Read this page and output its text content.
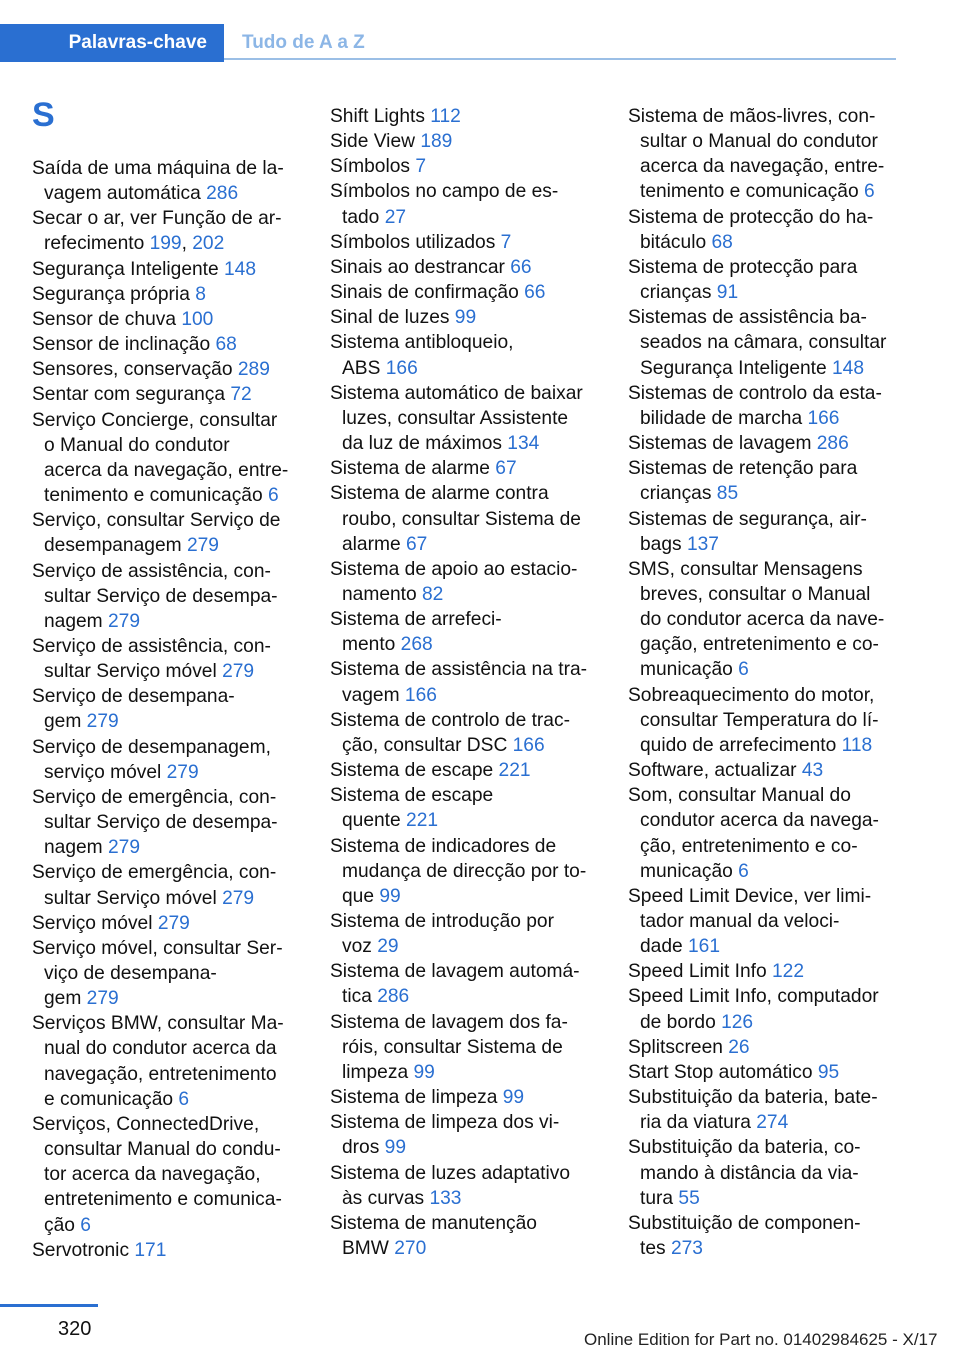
Palavras-chave	Tudo de A a Z
S
Saída de uma máquina de la-
vagem automática 286
Secar o ar, ver Função de ar-
refecimento 199, 202
Segurança Inteligente 148
Segurança própria 8
Sensor de chuva 100
Sensor de inclinação 68
Sensores, conservação 289
Sentar com segurança 72
Serviço Concierge, consultar
o Manual do condutor
acerca da navegação, entre-
tenimento e comunicação 6
Serviço, consultar Serviço de
desempanagem 279
Serviço de assistência, con-
sultar Serviço de desempa-
nagem 279
Serviço de assistência, con-
sultar Serviço móvel 279
Serviço de desempana-
gem 279
Serviço de desempanagem,
serviço móvel 279
Serviço de emergência, con-
sultar Serviço de desempa-
nagem 279
Serviço de emergência, con-
sultar Serviço móvel 279
Serviço móvel 279
Serviço móvel, consultar Ser-
viço de desempana-
gem 279
Serviços BMW, consultar Ma-
nual do condutor acerca da
navegação, entretenimento
e comunicação 6
Serviços, ConnectedDrive,
consultar Manual do condu-
tor acerca da navegação,
entretenimento e comunica-
ção 6
Servotronic 171
Shift Lights 112
Side View 189
Símbolos 7
Símbolos no campo de es-
tado 27
Símbolos utilizados 7
Sinais ao destrancar 66
Sinais de confirmação 66
Sinal de luzes 99
Sistema antibloqueio,
ABS 166
Sistema automático de baixar
luzes, consultar Assistente
da luz de máximos 134
Sistema de alarme 67
Sistema de alarme contra
roubo, consultar Sistema de
alarme 67
Sistema de apoio ao estacio-
namento 82
Sistema de arrefeci-
mento 268
Sistema de assistência na tra-
vagem 166
Sistema de controlo de trac-
ção, consultar DSC 166
Sistema de escape 221
Sistema de escape
quente 221
Sistema de indicadores de
mudança de direcção por to-
que 99
Sistema de introdução por
voz 29
Sistema de lavagem automá-
tica 286
Sistema de lavagem dos fa-
róis, consultar Sistema de
limpeza 99
Sistema de limpeza 99
Sistema de limpeza dos vi-
dros 99
Sistema de luzes adaptativo
às curvas 133
Sistema de manutenção
BMW 270
Sistema de mãos-livres, con-
sultar o Manual do condutor
acerca da navegação, entre-
tenimento e comunicação 6
Sistema de protecção do ha-
bitáculo 68
Sistema de protecção para
crianças 91
Sistemas de assistência ba-
seados na câmara, consultar
Segurança Inteligente 148
Sistemas de controlo da esta-
bilidade de marcha 166
Sistemas de lavagem 286
Sistemas de retenção para
crianças 85
Sistemas de segurança, air-
bags 137
SMS, consultar Mensagens
breves, consultar o Manual
do condutor acerca da nave-
gação, entretenimento e co-
municação 6
Sobreaquecimento do motor,
consultar Temperatura do lí-
quido de arrefecimento 118
Software, actualizar 43
Som, consultar Manual do
condutor acerca da navega-
ção, entretenimento e co-
municação 6
Speed Limit Device, ver limi-
tador manual da veloci-
dade 161
Speed Limit Info 122
Speed Limit Info, computador
de bordo 126
Splitscreen 26
Start Stop automático 95
Substituição da bateria, bate-
ria da viatura 274
Substituição da bateria, co-
mando à distância da via-
tura 55
Substituição de componen-
tes 273
320	Online Edition for Part no. 01402984625 - X/17
